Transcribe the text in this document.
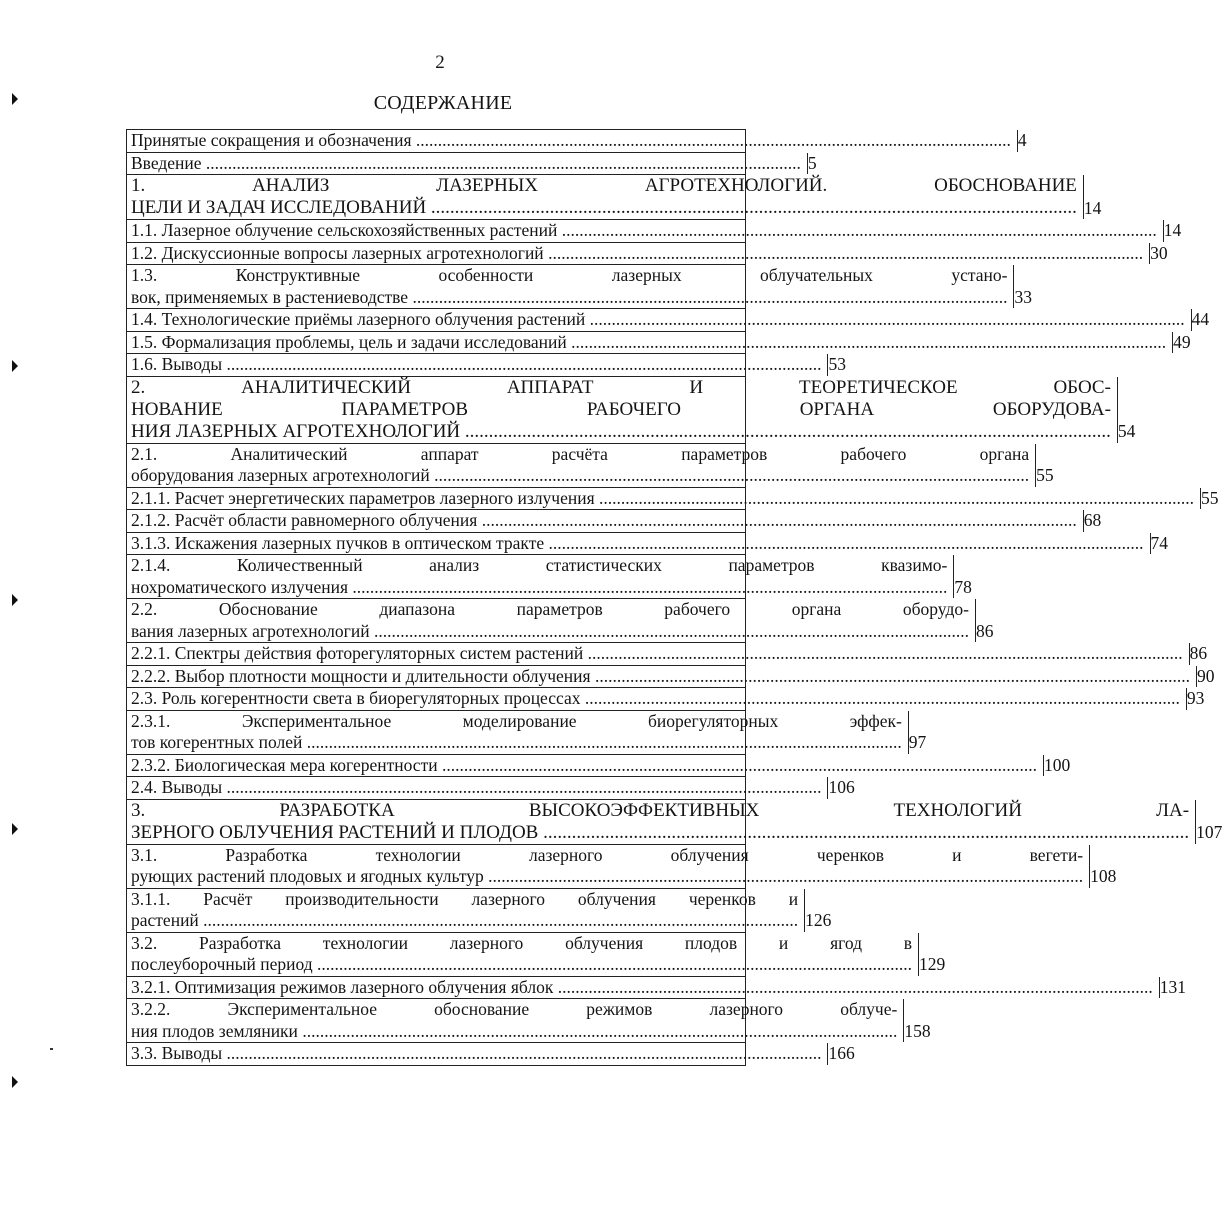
2
СОДЕРЖАНИЕ
Принятые сокращения и обозначения .....	4
Введение .....	5
1. АНАЛИЗ ЛАЗЕРНЫХ АГРОТЕХНОЛОГИЙ. ОБОСНОВАНИЕ
ЦЕЛИ И ЗАДАЧ ИССЛЕДОВАНИЙ .....	14
1.1. Лазерное облучение сельскохозяйственных растений .....	14
1.2. Дискуссионные вопросы лазерных агротехнологий .....	30
1.3. Конструктивные особенности лазерных облучательных устано-
вок, применяемых в растениеводстве .....	33
1.4. Технологические приёмы лазерного облучения растений .....	44
1.5. Формализация проблемы, цель и задачи исследований .....	49
1.6. Выводы .....	53
2. АНАЛИТИЧЕСКИЙ АППАРАТ И ТЕОРЕТИЧЕСКОЕ ОБОС-
НОВАНИЕ ПАРАМЕТРОВ РАБОЧЕГО ОРГАНА ОБОРУДОВА-
НИЯ ЛАЗЕРНЫХ АГРОТЕХНОЛОГИЙ .....	54
2.1. Аналитический аппарат расчёта параметров рабочего органа
оборудования лазерных агротехнологий .....	55
2.1.1. Расчет энергетических параметров лазерного излучения .....	55
2.1.2. Расчёт области равномерного облучения .....	68
3.1.3. Искажения лазерных пучков в оптическом тракте .....	74
2.1.4. Количественный анализ статистических параметров квазимо-
нохроматического излучения .....	78
2.2. Обоснование диапазона параметров рабочего органа оборудо-
вания лазерных агротехнологий .....	86
2.2.1. Спектры действия фоторегуляторных систем растений .....	86
2.2.2. Выбор плотности мощности и длительности облучения .....	90
2.3. Роль когерентности света в биорегуляторных процессах .....	93
2.3.1. Экспериментальное моделирование биорегуляторных эффек-
тов когерентных полей .....	97
2.3.2. Биологическая мера когерентности .....	100
2.4. Выводы .....	106
3. РАЗРАБОТКА ВЫСОКОЭФФЕКТИВНЫХ ТЕХНОЛОГИЙ ЛА-
ЗЕРНОГО ОБЛУЧЕНИЯ РАСТЕНИЙ И ПЛОДОВ .....	107
3.1. Разработка технологии лазерного облучения черенков и вегети-
рующих растений плодовых и ягодных культур .....	108
3.1.1. Расчёт производительности лазерного облучения черенков и
растений .....	126
3.2. Разработка технологии лазерного облучения плодов и ягод в
послеуборочный период .....	129
3.2.1. Оптимизация режимов лазерного облучения яблок .....	131
3.2.2. Экспериментальное обоснование режимов лазерного облуче-
ния плодов земляники .....	158
3.3. Выводы .....	166
